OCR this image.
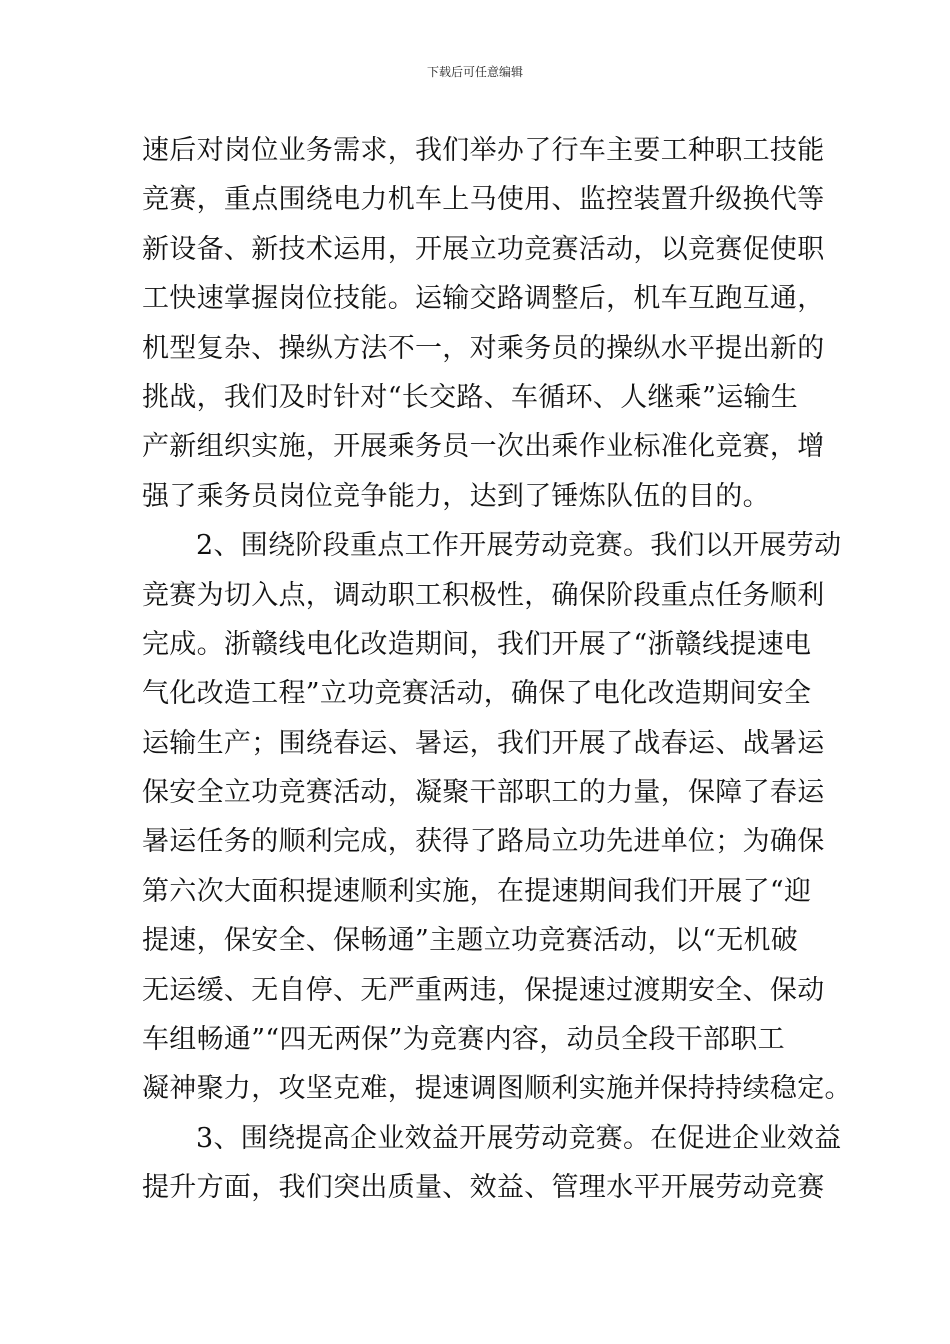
下载后可任意编辑
速后对岗位业务需求，我们举办了行车主要工种职工技能
竞赛，重点围绕电力机车上马使用、监控装置升级换代等
新设备、新技术运用，开展立功竞赛活动，以竞赛促使职
工快速掌握岗位技能。运输交路调整后，机车互跑互通，
机型复杂、操纵方法不一，对乘务员的操纵水平提出新的
挑战，我们及时针对“长交路、车循环、人继乘”运输生
产新组织实施，开展乘务员一次出乘作业标准化竞赛，增
强了乘务员岗位竞争能力，达到了锤炼队伍的目的。
2、围绕阶段重点工作开展劳动竞赛。我们以开展劳动
竞赛为切入点，调动职工积极性，确保阶段重点任务顺利
完成。浙赣线电化改造期间，我们开展了“浙赣线提速电
气化改造工程”立功竞赛活动，确保了电化改造期间安全
运输生产；围绕春运、暑运，我们开展了战春运、战暑运
保安全立功竞赛活动，凝聚干部职工的力量，保障了春运
暑运任务的顺利完成，获得了路局立功先进单位；为确保
第六次大面积提速顺利实施，在提速期间我们开展了“迎
提速，保安全、保畅通”主题立功竞赛活动，以“无机破
无运缓、无自停、无严重两违，保提速过渡期安全、保动
车组畅通”“四无两保”为竞赛内容，动员全段干部职工
凝神聚力，攻坚克难，提速调图顺利实施并保持持续稳定。
3、围绕提高企业效益开展劳动竞赛。在促进企业效益
提升方面，我们突出质量、效益、管理水平开展劳动竞赛
